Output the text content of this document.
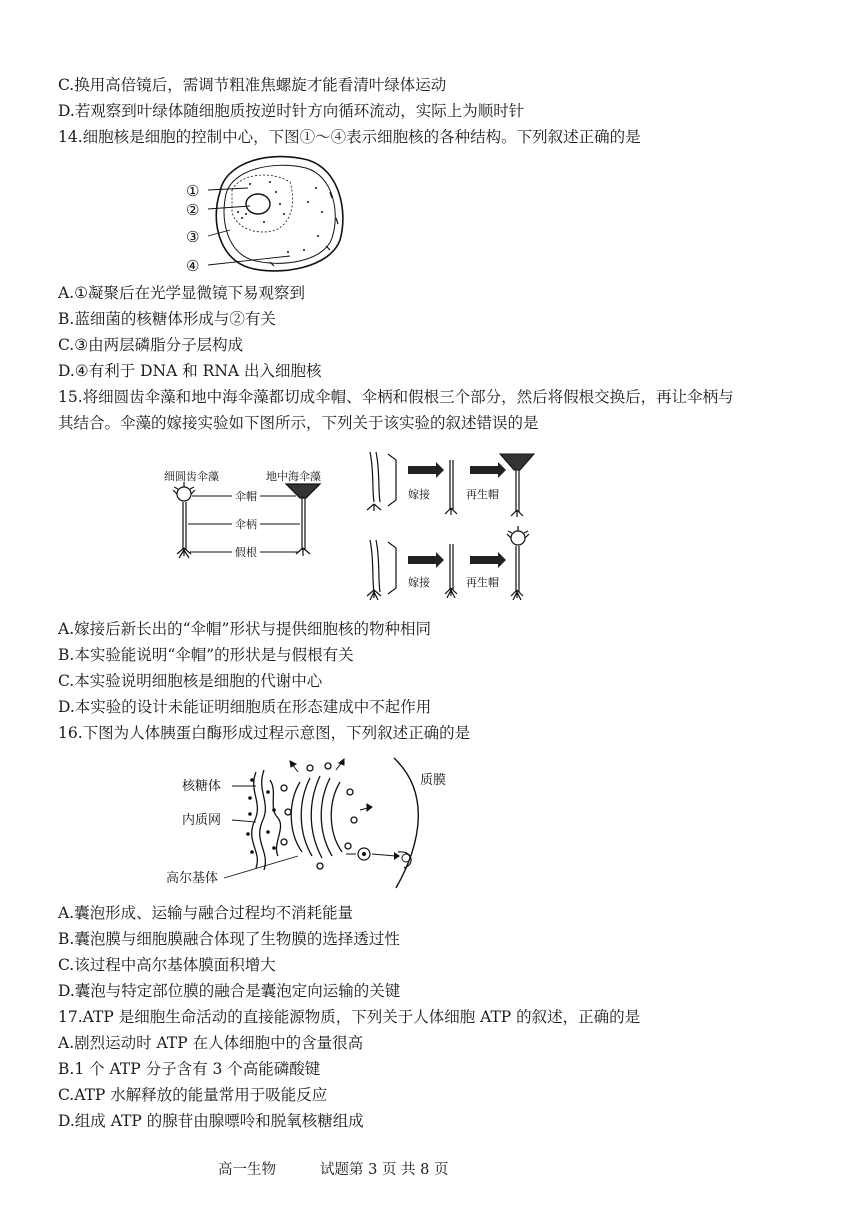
C.换用高倍镜后，需调节粗准焦螺旋才能看清叶绿体运动
D.若观察到叶绿体随细胞质按逆时针方向循环流动，实际上为顺时针
14.细胞核是细胞的控制中心，下图①～④表示细胞核的各种结构。下列叙述正确的是
①
②
③
④
A.①凝聚后在光学显微镜下易观察到
B.蓝细菌的核糖体形成与②有关
C.③由两层磷脂分子层构成
D.④有利于 DNA 和 RNA 出入细胞核
15.将细圆齿伞藻和地中海伞藻都切成伞帽、伞柄和假根三个部分，然后将假根交换后，再让伞柄与
其结合。伞藻的嫁接实验如下图所示，下列关于该实验的叙述错误的是
细圆齿伞藻	地中海伞藻
伞帽
伞柄
假根
嫁接	再生帽
嫁接	再生帽
A.嫁接后新长出的“伞帽”形状与提供细胞核的物种相同
B.本实验能说明“伞帽”的形状是与假根有关
C.本实验说明细胞核是细胞的代谢中心
D.本实验的设计未能证明细胞质在形态建成中不起作用
16.下图为人体胰蛋白酶形成过程示意图，下列叙述正确的是
核糖体
内质网
高尔基体
质膜
A.囊泡形成、运输与融合过程均不消耗能量
B.囊泡膜与细胞膜融合体现了生物膜的选择透过性
C.该过程中高尔基体膜面积增大
D.囊泡与特定部位膜的融合是囊泡定向运输的关键
17.ATP 是细胞生命活动的直接能源物质，下列关于人体细胞 ATP 的叙述，正确的是
A.剧烈运动时 ATP 在人体细胞中的含量很高
B.1 个 ATP 分子含有 3 个高能磷酸键
C.ATP 水解释放的能量常用于吸能反应
D.组成 ATP 的腺苷由腺嘌呤和脱氧核糖组成
高一生物	试题第 3 页 共 8 页
